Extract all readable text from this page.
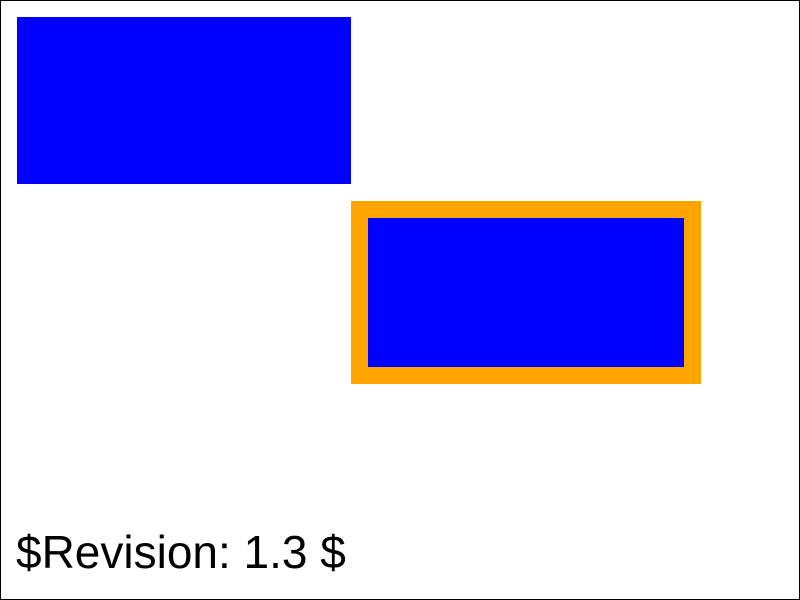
$Revision: 1.3 $
